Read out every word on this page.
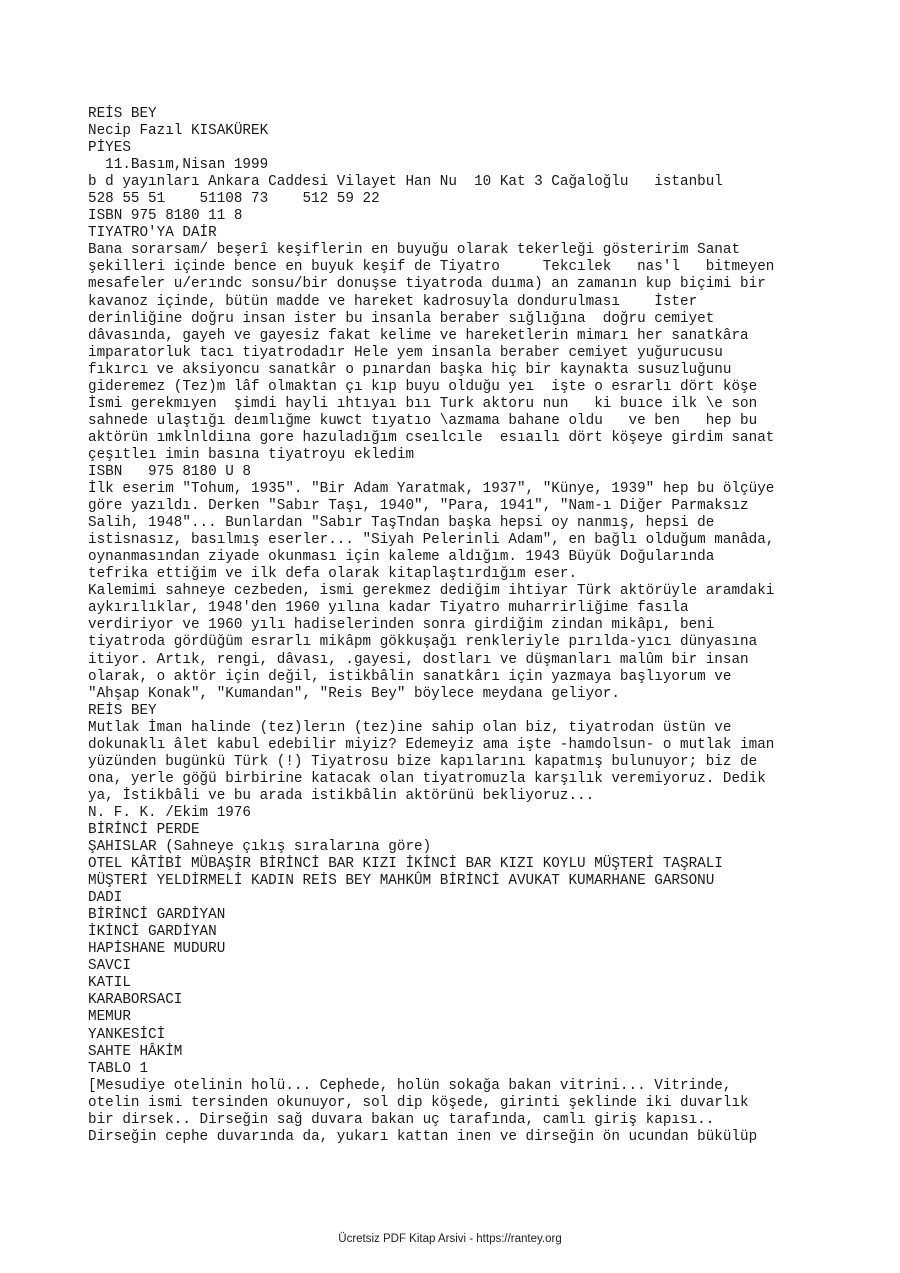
REİS BEY
Necip Fazıl KISAKÜREK
PİYES
11.Basım,Nisan 1999
b d yayınları Ankara Caddesi Vilayet Han Nu  10 Kat 3 Cağaloğlu   istanbul
528 55 51    51108 73    512 59 22
ISBN 975 8180 11 8
TIYATRO'YA DAİR
Bana sorarsam/ beşerî keşiflerin en buyuğu olarak tekerleği gösteririm Sanat
şekilleri içinde bence en buyuk keşif de Tiyatro     Tekcılek   nas'l   bitmeyen
mesafeler u/erındc sonsu/bir donuşse tiyatroda duıma) an zamanın kup biçimi bir
kavanoz içinde, bütün madde ve hareket kadrosuyla dondurulması    İster
derinliğine doğru insan ister bu insanla beraber sığlığına  doğru cemiyet
dâvasında, gayeh ve gayesiz fakat kelime ve hareketlerin mimarı her sanatkâra
imparatorluk tacı tiyatrodadır Hele yem insanla beraber cemiyet yuğurucusu
fıkırcı ve aksiyoncu sanatkâr o pınardan başka hiç bir kaynakta susuzluğunu
gideremez (Tez)m lâf olmaktan çı kıp buyu olduğu yeı  işte o esrarlı dört köşe
İsmi gerekmıyen  şimdi hayli ıhtıyaı bıı Turk aktoru nun   ki buıce ilk \e son
sahnede ulaştığı deımlığme kuwct tıyatıo \azmama bahane oldu   ve ben   hep bu
aktörün ımklnldiına gore hazuladığım cseılcıle  esıaılı dört köşeye girdim sanat
çeşıtleı imin basına tiyatroyu ekledim
ISBN   975 8180 U 8
İlk eserim "Tohum, 1935". "Bir Adam Yaratmak, 1937", "Künye, 1939" hep bu ölçüye
göre yazıldı. Derken "Sabır Taşı, 1940", "Para, 1941", "Nam-ı Diğer Parmaksız
Salih, 1948"... Bunlardan "Sabır TaşTndan başka hepsi oy nanmış, hepsi de
istisnasız, basılmış eserler... "Siyah Pelerinli Adam", en bağlı olduğum manâda,
oynanmasından ziyade okunması için kaleme aldığım. 1943 Büyük Doğularında
tefrika ettiğim ve ilk defa olarak kitaplaştırdığım eser.
Kalemimi sahneye cezbeden, ismi gerekmez dediğim ihtiyar Türk aktörüyle aramdaki
aykırılıklar, 1948'den 1960 yılına kadar Tiyatro muharrirliğime fasıla
verdiriyor ve 1960 yılı hadiselerinden sonra girdiğim zindan mikâpı, beni
tiyatroda gördüğüm esrarlı mikâpm gökkuşağı renkleriyle pırılda-yıcı dünyasına
itiyor. Artık, rengi, dâvası, .gayesi, dostları ve düşmanları malûm bir insan
olarak, o aktör için değil, istikbâlin sanatkârı için yazmaya başlıyorum ve
"Ahşap Konak", "Kumandan", "Reis Bey" böylece meydana geliyor.
REİS BEY
Mutlak İman halinde (tez)lerın (tez)ine sahip olan biz, tiyatrodan üstün ve
dokunaklı âlet kabul edebilir miyiz? Edemeyiz ama işte -hamdolsun- o mutlak iman
yüzünden bugünkü Türk (!) Tiyatrosu bize kapılarını kapatmış bulunuyor; biz de
ona, yerle göğü birbirine katacak olan tiyatromuzla karşılık veremiyoruz. Dedik
ya, İstikbâli ve bu arada istikbâlin aktörünü bekliyoruz...
N. F. K. /Ekim 1976
BİRİNCİ PERDE
ŞAHISLAR (Sahneye çıkış sıralarına göre)
OTEL KÂTİBİ MÜBAŞİR BİRİNCİ BAR KIZI İKİNCİ BAR KIZI KOYLU MÜŞTERİ TAŞRALI
MÜŞTERİ YELDİRMELİ KADIN REİS BEY MAHKÛM BİRİNCİ AVUKAT KUMARHANE GARSONU
DADI
BİRİNCİ GARDİYAN
İKİNCİ GARDİYAN
HAPİSHANE MUDURU
SAVCI
KATIL
KARABORSACI
MEMUR
YANKESİCİ
SAHTE HÂKİM
TABLO 1
[Mesudiye otelinin holü... Cephede, holün sokağa bakan vitrini... Vitrinde,
otelin ismi tersinden okunuyor, sol dip köşede, girinti şeklinde iki duvarlık
bir dirsek.. Dirseğin sağ duvara bakan uç tarafında, camlı giriş kapısı..
Dirseğin cephe duvarında da, yukarı kattan inen ve dirseğin ön ucundan bükülüp
Ücretsiz PDF Kitap Arsivi - https://rantey.org
